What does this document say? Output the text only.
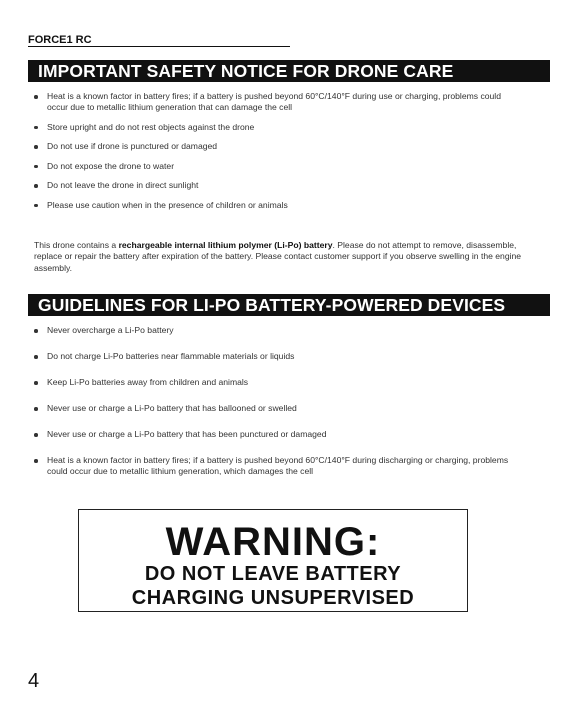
FORCE1 RC
IMPORTANT SAFETY NOTICE FOR DRONE CARE
Heat is a known factor in battery fires; if a battery is pushed beyond 60°C/140°F during use or charging, problems could occur due to metallic lithium generation that can damage the cell
Store upright and do not rest objects against the drone
Do not use if drone is punctured or damaged
Do not expose the drone to water
Do not leave the drone in direct sunlight
Please use caution when in the presence of children or animals

This drone contains a rechargeable internal lithium polymer (Li-Po) battery. Please do not attempt to remove, disassemble, replace or repair the battery after expiration of the battery. Please contact customer support if you observe swelling in the engine assembly.

GUIDELINES FOR LI-PO BATTERY-POWERED DEVICES
Never overcharge a Li-Po battery
Do not charge Li-Po batteries near flammable materials or liquids
Keep Li-Po batteries away from children and animals
Never use or charge a Li-Po battery that has ballooned or swelled
Never use or charge a Li-Po battery that has been punctured or damaged
Heat is a known factor in battery fires; if a battery is pushed beyond 60°C/140°F during discharging or charging, problems could occur due to metallic lithium generation, which damages the cell
WARNING:
DO NOT LEAVE BATTERY
CHARGING UNSUPERVISED
4
